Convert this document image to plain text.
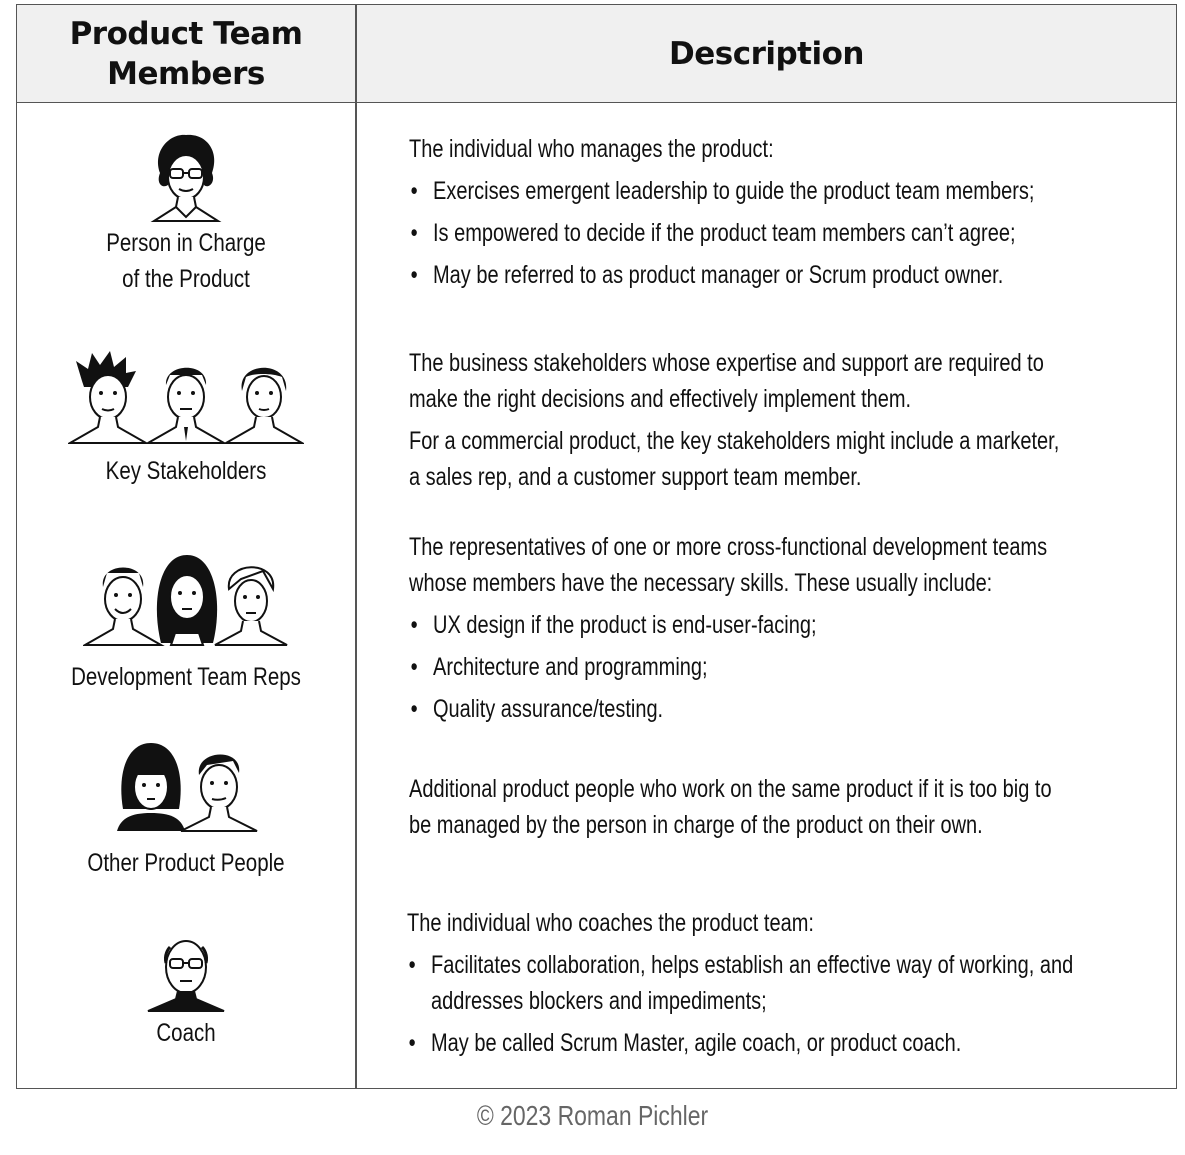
Product Team
Members
Description
Person in Charge
of the Product
Key Stakeholders
Development Team Reps
Other Product People
Coach

The individual who manages the product:

• Exercises emergent leadership to guide the product team members;
• Is empowered to decide if the product team members can’t agree;
• May be referred to as product manager or Scrum product owner.

The business stakeholders whose expertise and support are required to
make the right decisions and effectively implement them.

For a commercial product, the key stakeholders might include a marketer,
a sales rep, and a customer support team member.

The representatives of one or more cross-functional development teams
whose members have the necessary skills. These usually include:

• UX design if the product is end-user-facing;
• Architecture and programming;
• Quality assurance/testing.

Additional product people who work on the same product if it is too big to
be managed by the person in charge of the product on their own.

The individual who coaches the product team:

• Facilitates collaboration, helps establish an effective way of working, and
addresses blockers and impediments;
• May be called Scrum Master, agile coach, or product coach.
© 2023 Roman Pichler
